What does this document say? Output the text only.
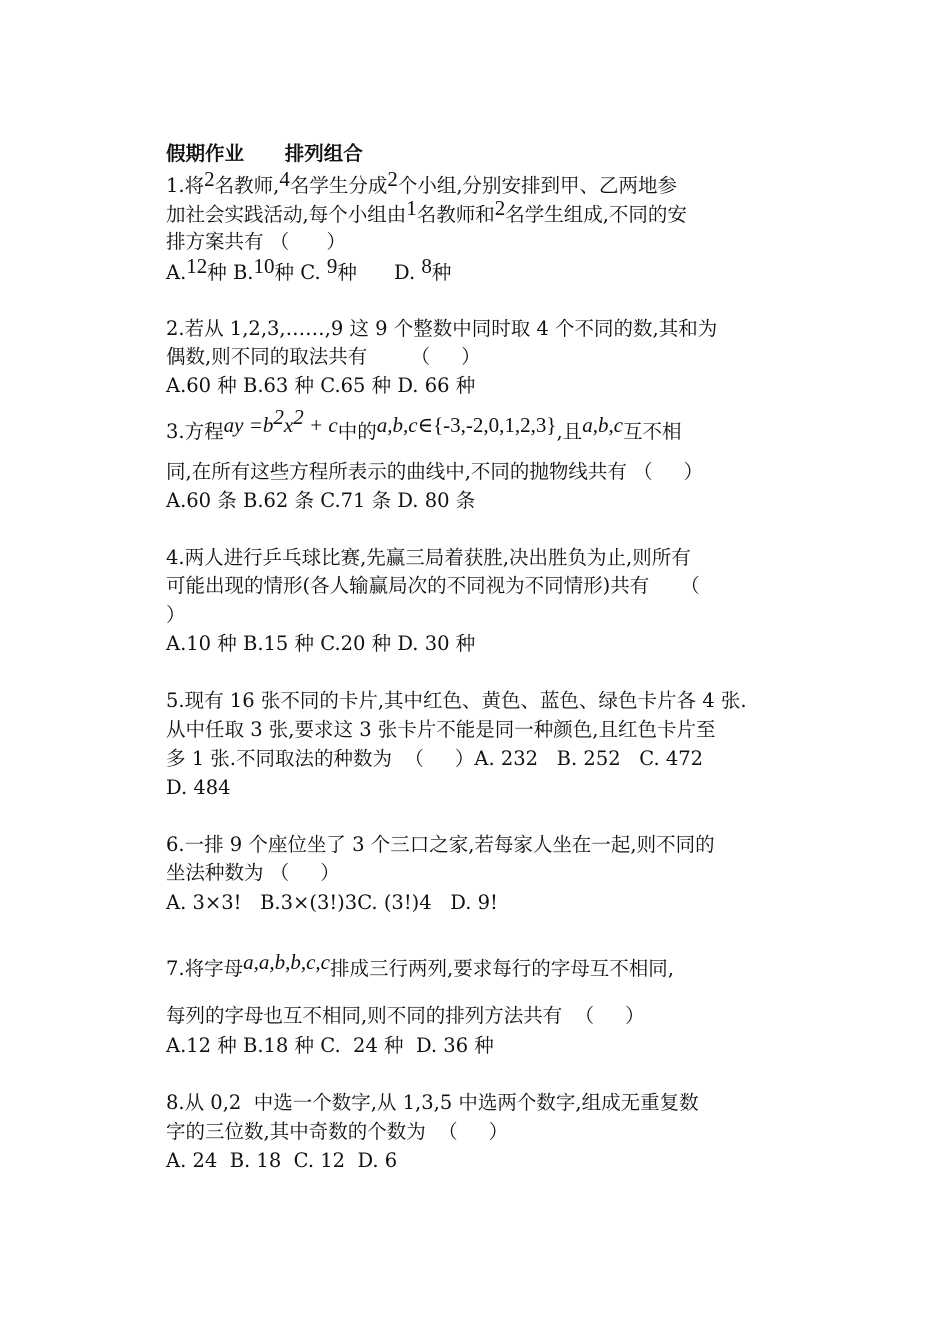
假期作业      排列组合
1.将2名教师,4名学生分成2个小组,分别安排到甲、乙两地参
加社会实践活动,每个小组由1名教师和2名学生组成,不同的安
排方案共有 （      ）
A.12种 B.10种 C. 9种      D. 8种
2.若从 1,2,3,……,9 这 9 个整数中同时取 4 个不同的数,其和为
偶数,则不同的取法共有       （     ）
A.60 种 B.63 种 C.65 种 D. 66 种
3.方程ay $=b^2x^2 + c$中的a,b,c∈{-3,-2,0,1,2,3},且a,b,c互不相
同,在所有这些方程所表示的曲线中,不同的抛物线共有 （     ）
A.60 条 B.62 条 C.71 条 D. 80 条
4.两人进行乒乓球比赛,先赢三局着获胜,决出胜负为止,则所有
可能出现的情形(各人输赢局次的不同视为不同情形)共有     （
）
A.10 种 B.15 种 C.20 种 D. 30 种
5.现有 16 张不同的卡片,其中红色、黄色、蓝色、绿色卡片各 4 张.
从中任取 3 张,要求这 3 张卡片不能是同一种颜色,且红色卡片至
多 1 张.不同取法的种数为  （     ）A. 232   B. 252   C. 472
D. 484
6.一排 9 个座位坐了 3 个三口之家,若每家人坐在一起,则不同的
坐法种数为 （     ）
A. 3×3!   B.3×(3!)3C. (3!)4   D. 9!
7.将字母a,a,b,b,c,c排成三行两列,要求每行的字母互不相同,
每列的字母也互不相同,则不同的排列方法共有  （     ）
A.12 种 B.18 种 C.  24 种  D. 36 种
8.从 0,2  中选一个数字,从 1,3,5 中选两个数字,组成无重复数
字的三位数,其中奇数的个数为  （     ）
A. 24  B. 18  C. 12  D. 6
